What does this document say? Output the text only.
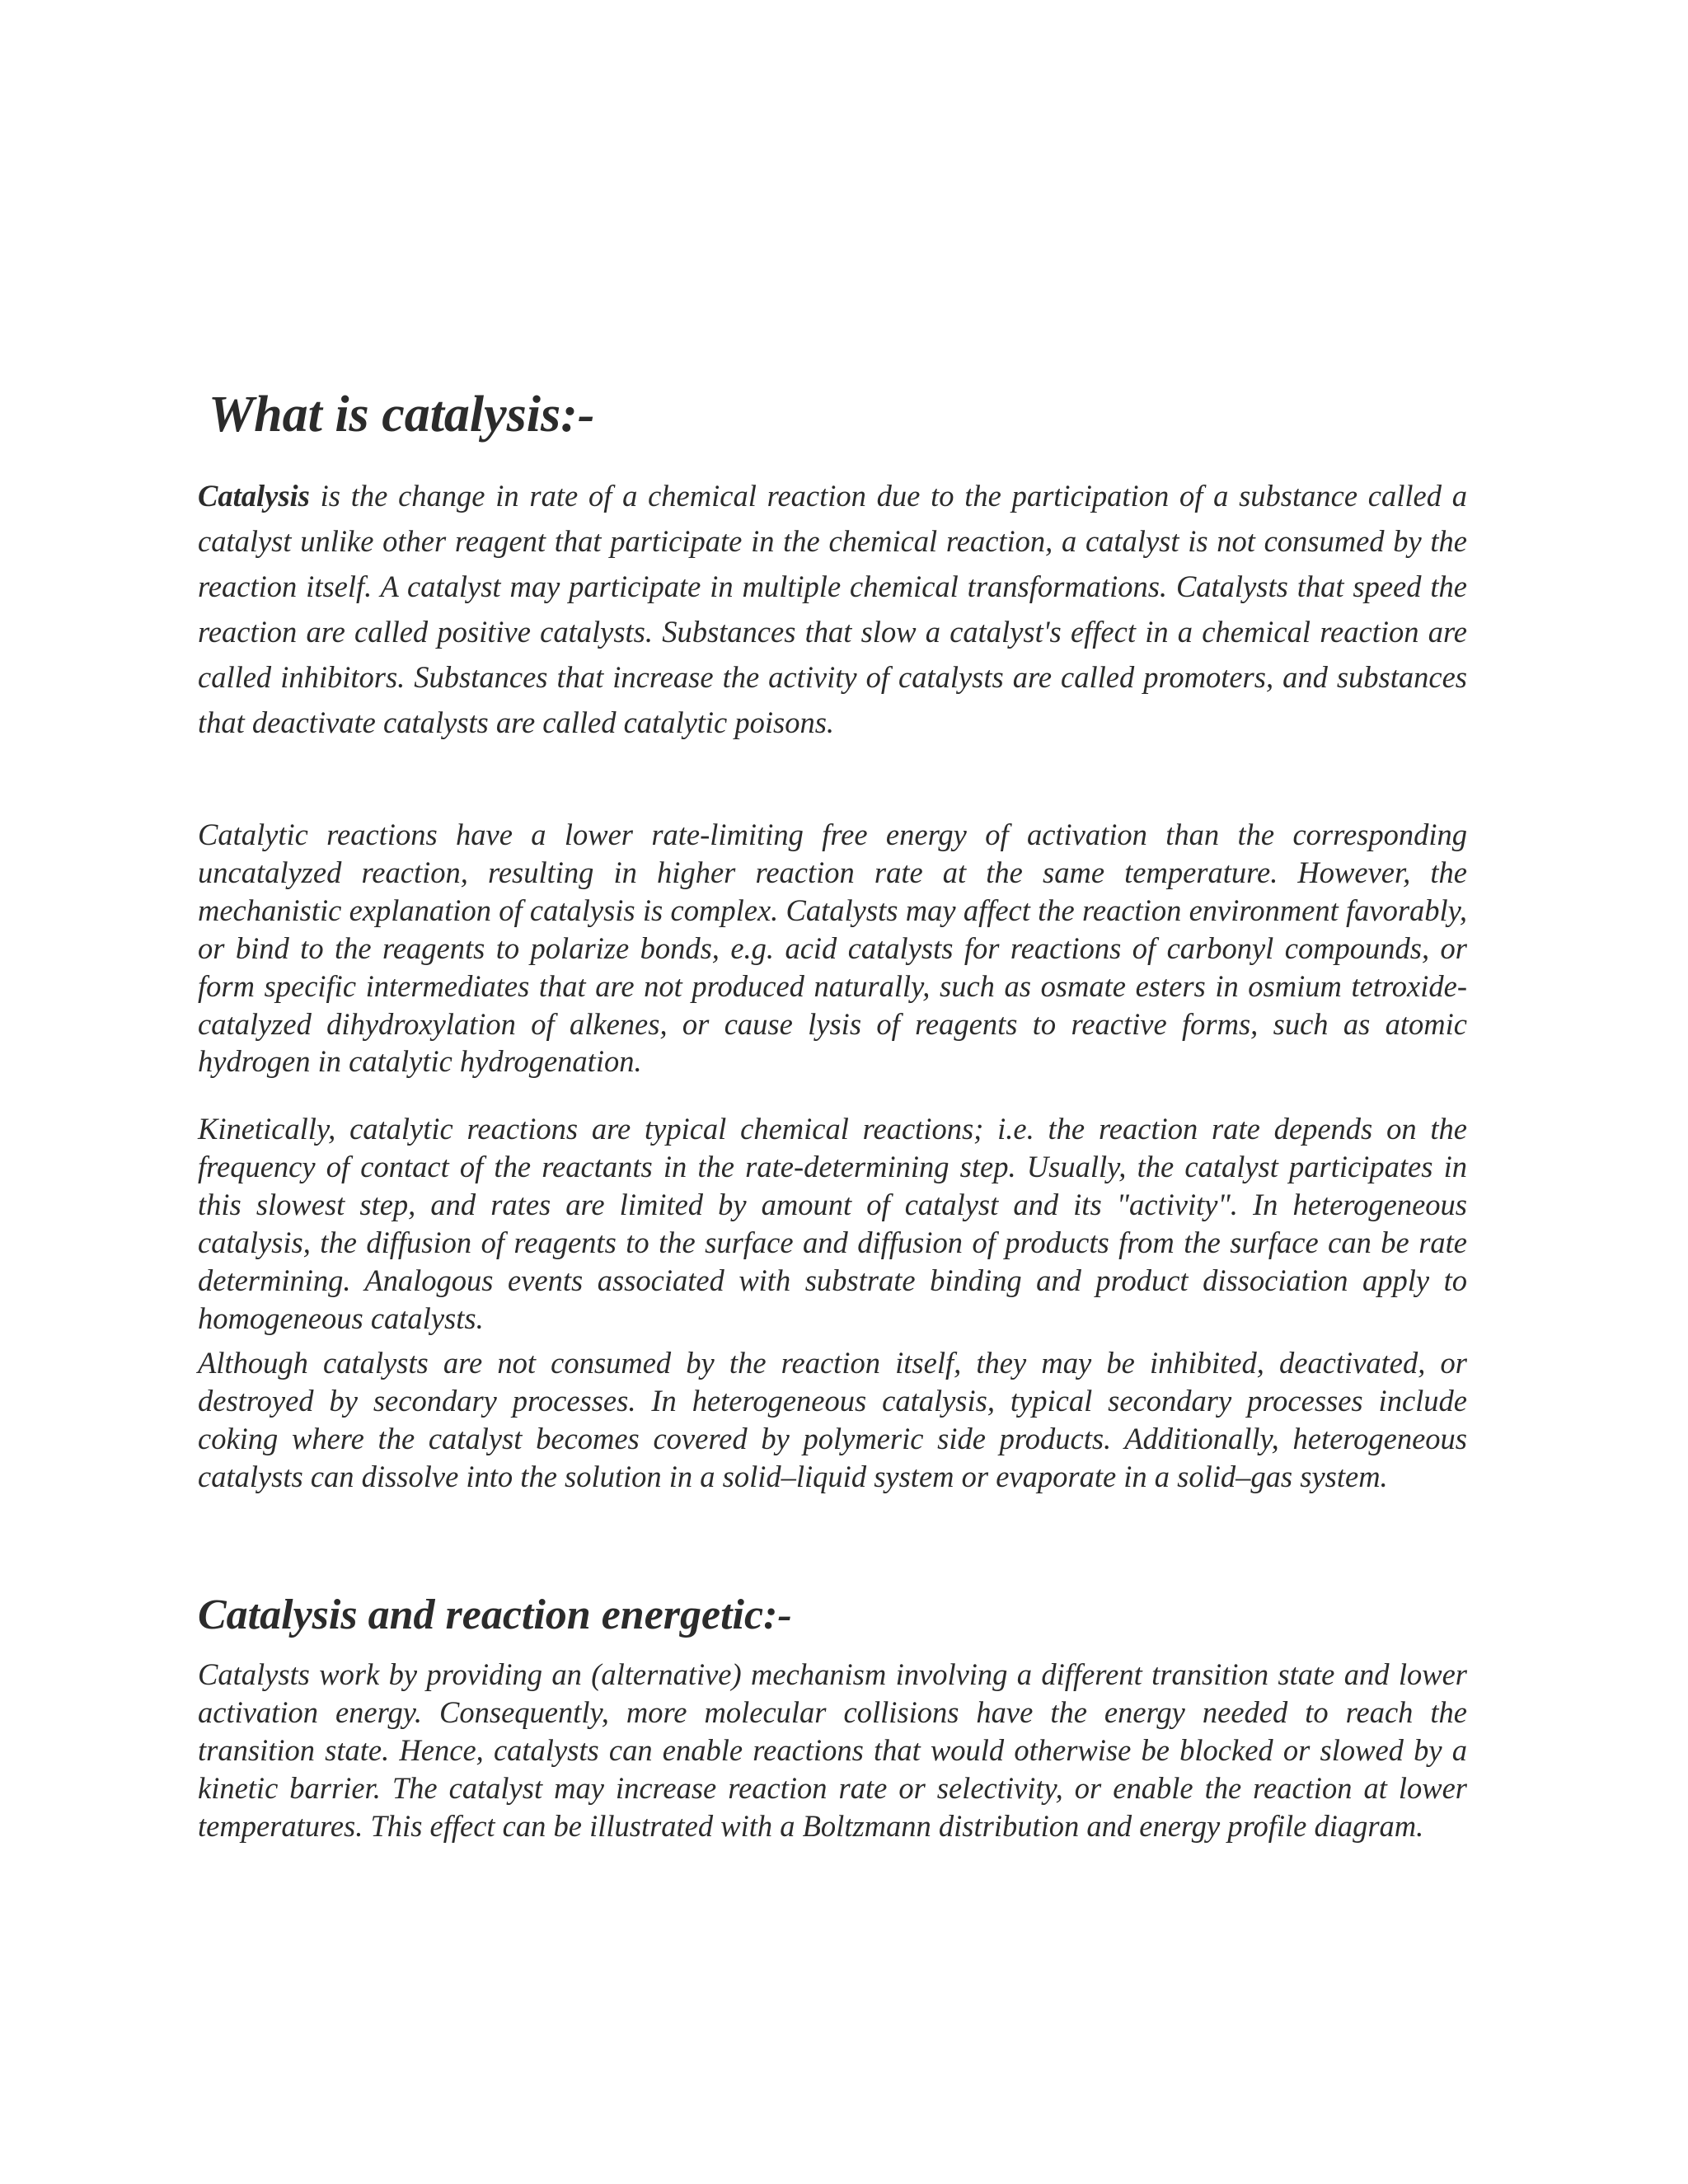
What is catalysis:-

Catalysis is the change in rate of a chemical reaction due to the participation of a substance called a catalyst unlike other reagent that participate in the chemical reaction, a catalyst is not consumed by the reaction itself. A catalyst may participate in multiple chemical transformations. Catalysts that speed the reaction are called positive catalysts. Substances that slow a catalyst's effect in a chemical reaction are called inhibitors. Substances that increase the activity of catalysts are called promoters, and substances that deactivate catalysts are called catalytic poisons.

Catalytic reactions have a lower rate-limiting free energy of activation than the corresponding uncatalyzed reaction, resulting in higher reaction rate at the same temperature. However, the mechanistic explanation of catalysis is complex. Catalysts may affect the reaction environment favorably, or bind to the reagents to polarize bonds, e.g. acid catalysts for reactions of carbonyl compounds, or form specific intermediates that are not produced naturally, such as osmate esters in osmium tetroxide-catalyzed dihydroxylation of alkenes, or cause lysis of reagents to reactive forms, such as atomic hydrogen in catalytic hydrogenation.

Kinetically, catalytic reactions are typical chemical reactions; i.e. the reaction rate depends on the frequency of contact of the reactants in the rate-determining step. Usually, the catalyst participates in this slowest step, and rates are limited by amount of catalyst and its "activity". In heterogeneous catalysis, the diffusion of reagents to the surface and diffusion of products from the surface can be rate determining. Analogous events associated with substrate binding and product dissociation apply to homogeneous catalysts.

Although catalysts are not consumed by the reaction itself, they may be inhibited, deactivated, or destroyed by secondary processes. In heterogeneous catalysis, typical secondary processes include coking where the catalyst becomes covered by polymeric side products. Additionally, heterogeneous catalysts can dissolve into the solution in a solid–liquid system or evaporate in a solid–gas system.

Catalysis and reaction energetic:-

Catalysts work by providing an (alternative) mechanism involving a different transition state and lower activation energy. Consequently, more molecular collisions have the energy needed to reach the transition state. Hence, catalysts can enable reactions that would otherwise be blocked or slowed by a kinetic barrier. The catalyst may increase reaction rate or selectivity, or enable the reaction at lower temperatures. This effect can be illustrated with a Boltzmann distribution and energy profile diagram.
